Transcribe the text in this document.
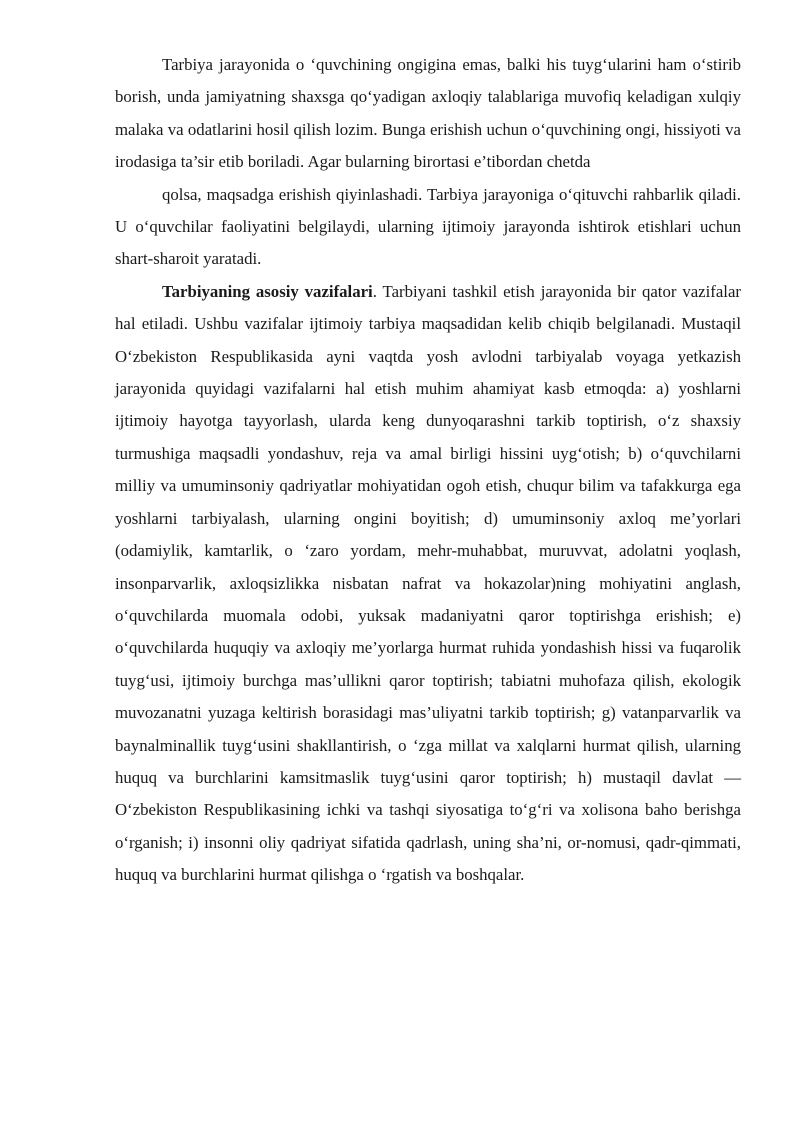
Tarbiya jarayonida o ‘quvchining ongigina emas, balki his tuyg‘ularini ham o‘stirib borish, unda jamiyatning shaxsga qo‘yadigan axloqiy talablariga muvofiq keladigan xulqiy malaka va odatlarini hosil qilish lozim. Bunga erishish uchun o‘quvchining ongi, hissiyoti va irodasiga ta’sir etib boriladi. Agar bularning birortasi e’tibordan chetda

qolsa, maqsadga erishish qiyinlashadi. Tarbiya jarayoniga o‘qituvchi rahbarlik qiladi. U o‘quvchilar faoliyatini belgilaydi, ularning ijtimoiy jarayonda ishtirok etishlari uchun shart-sharoit yaratadi.

Tarbiyaning asosiy vazifalari. Tarbiyani tashkil etish jarayonida bir qator vazifalar hal etiladi. Ushbu vazifalar ijtimoiy tarbiya maqsadidan kelib chiqib belgilanadi. Mustaqil O‘zbekiston Respublikasida ayni vaqtda yosh avlodni tarbiyalab voyaga yetkazish jarayonida quyidagi vazifalarni hal etish muhim ahamiyat kasb etmoqda: a) yoshlarni ijtimoiy hayotga tayyorlash, ularda keng dunyoqarashni tarkib toptirish, o‘z shaxsiy turmushiga maqsadli yondashuv, reja va amal birligi hissini uyg‘otish; b) o‘quvchilarni milliy va umuminsoniy qadriyatlar mohiyatidan ogoh etish, chuqur bilim va tafakkurga ega yoshlarni tarbiyalash, ularning ongini boyitish; d) umuminsoniy axloq me’yorlari (odamiylik, kamtarlik, o ‘zaro yordam, mehr-muhabbat, muruvvat, adolatni yoqlash, insonparvarlik, axloqsizlikka nisbatan nafrat va hokazolar)ning mohiyatini anglash, o‘quvchilarda muomala odobi, yuksak madaniyatni qaror toptirishga erishish; e) o‘quvchilarda huquqiy va axloqiy me’yorlarga hurmat ruhida yondashish hissi va fuqarolik tuyg‘usi, ijtimoiy burchga mas’ullikni qaror toptirish; tabiatni muhofaza qilish, ekologik muvozanatni yuzaga keltirish borasidagi mas’uliyatni tarkib toptirish; g) vatanparvarlik va baynalminallik tuyg‘usini shakllantirish, o ‘zga millat va xalqlarni hurmat qilish, ularning huquq va burchlarini kamsitmaslik tuyg‘usini qaror toptirish; h) mustaqil davlat — O‘zbekiston Respublikasining ichki va tashqi siyosatiga to‘g‘ri va xolisona baho berishga o‘rganish; i) insonni oliy qadriyat sifatida qadrlash, uning sha’ni, or-nomusi, qadr-qimmati, huquq va burchlarini hurmat qilishga o ‘rgatish va boshqalar.
